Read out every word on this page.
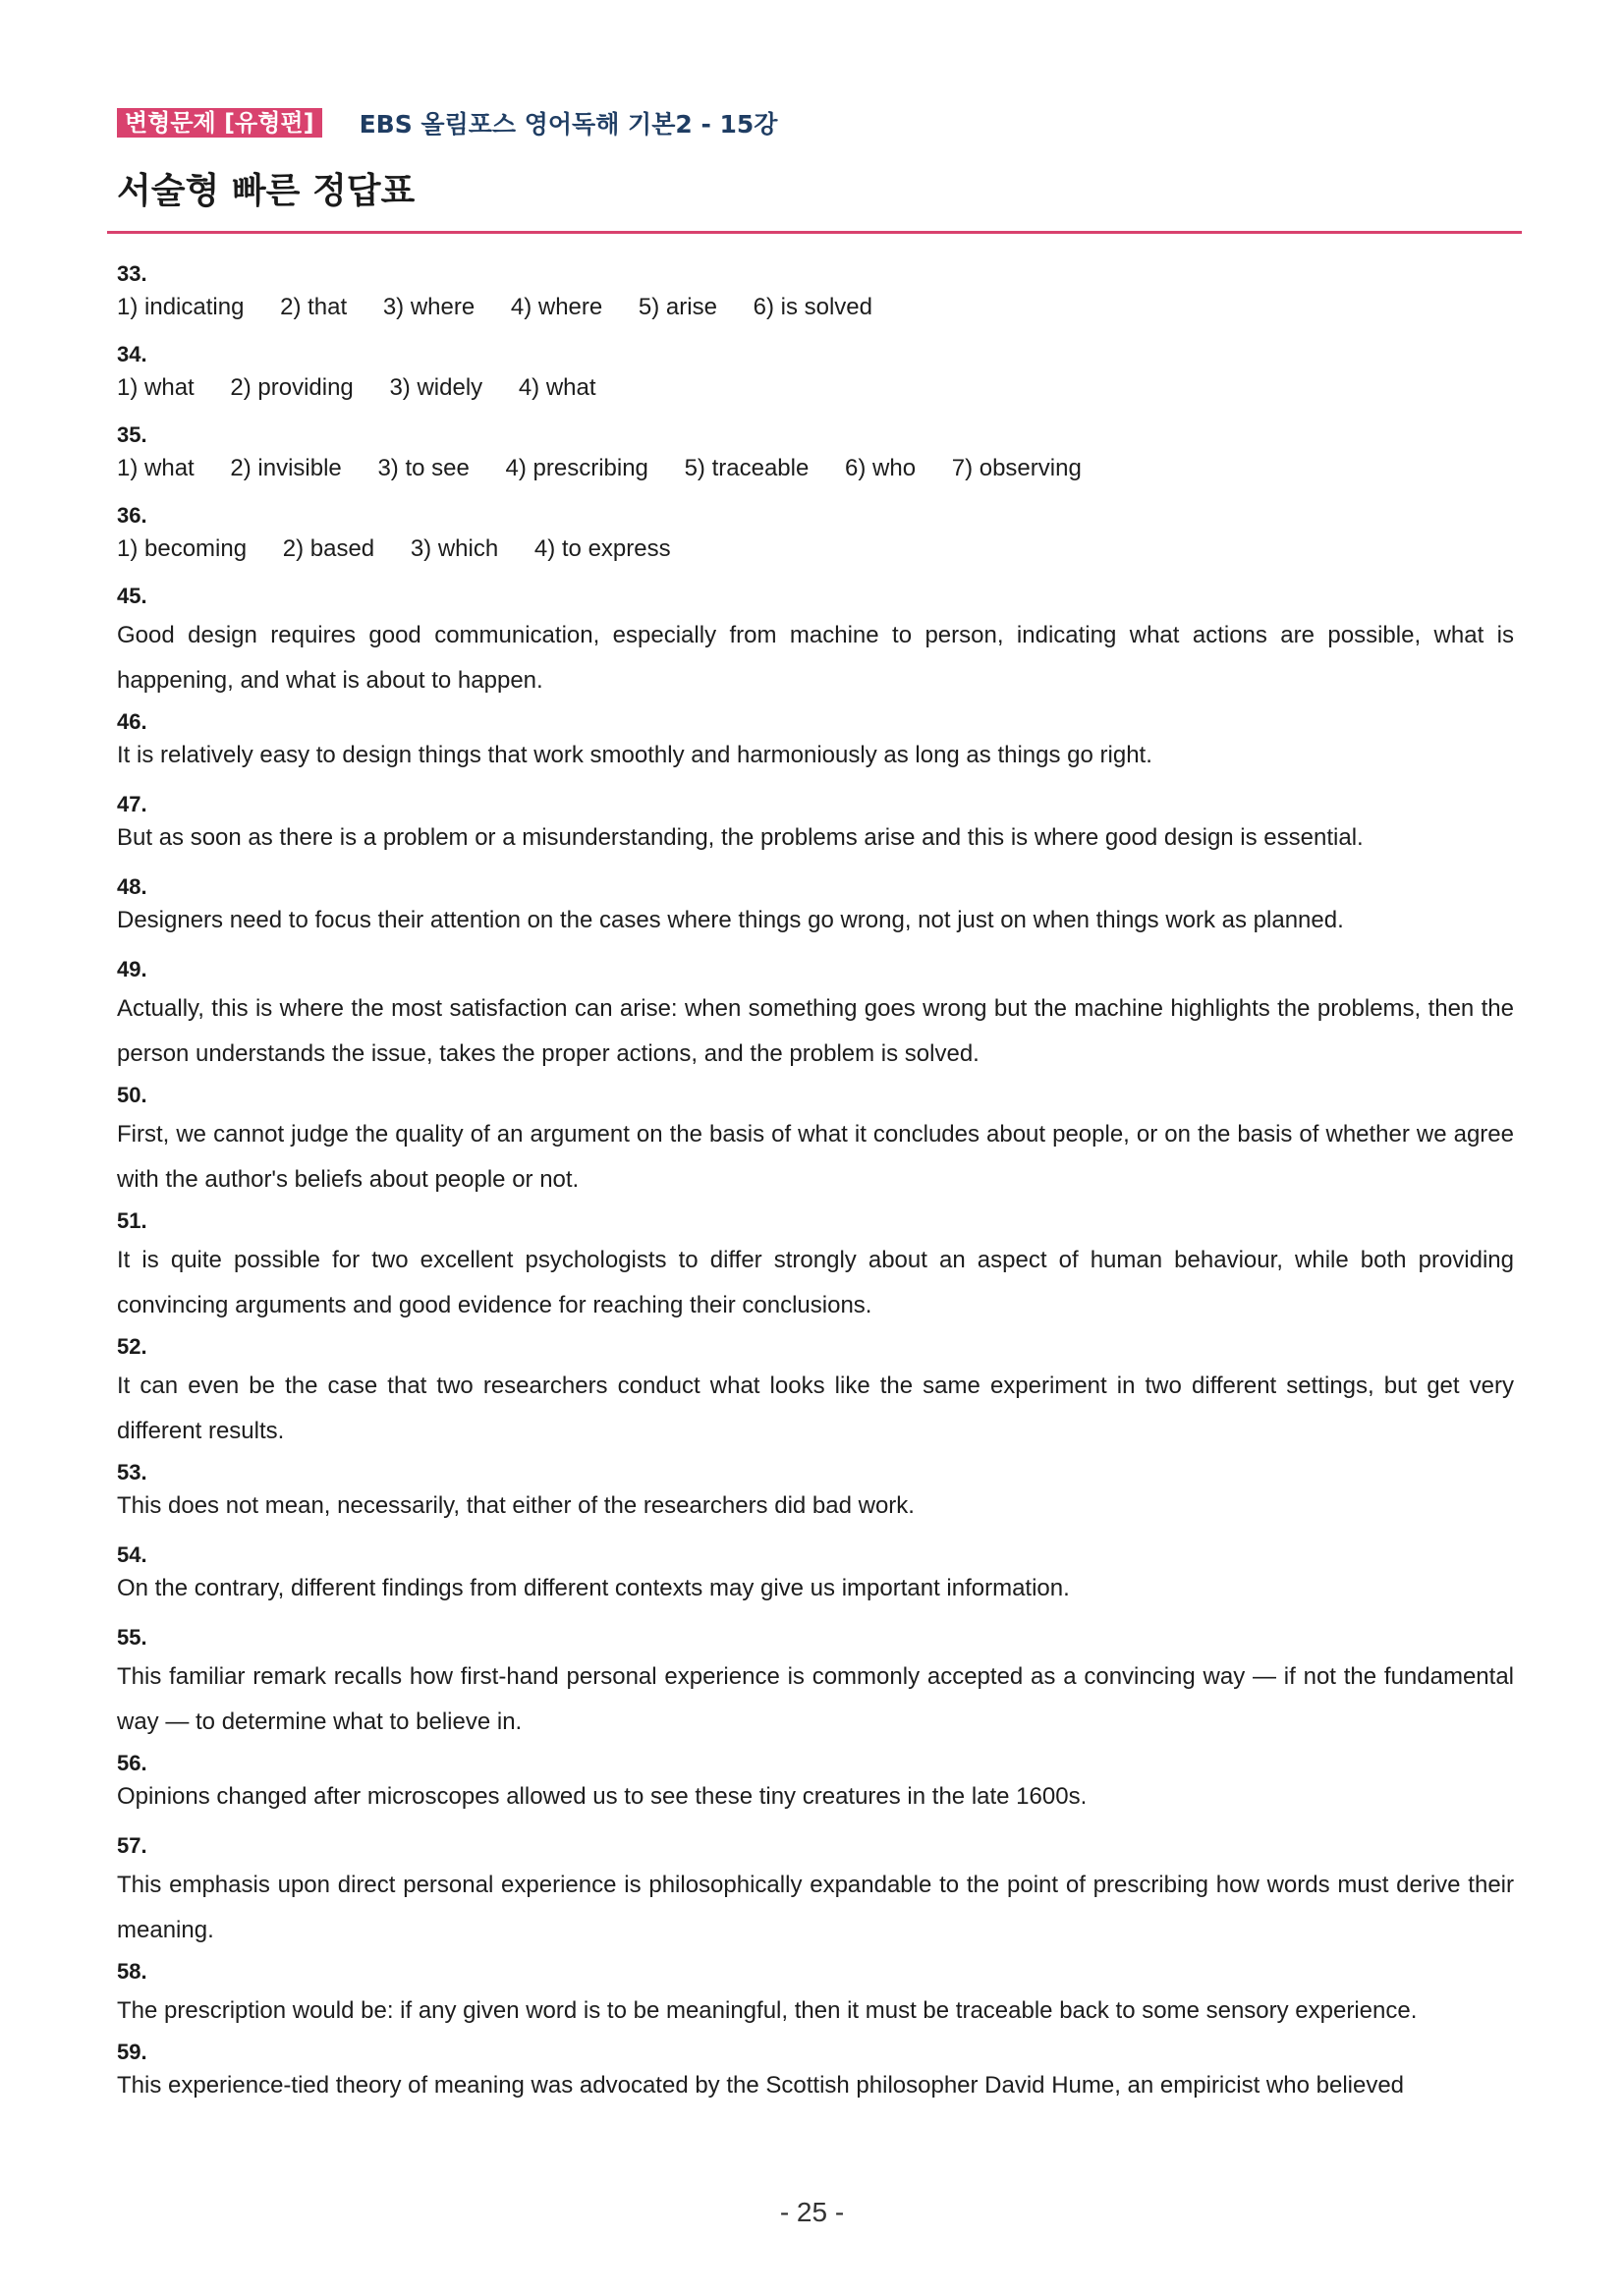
변형문제 [유형편]	EBS 올림포스 영어독해 기본2 - 15강
서술형 빠른 정답표
33.
1) indicating 2) that 3) where 4) where 5) arise 6) is solved
34.
1) what 2) providing 3) widely 4) what
35.
1) what 2) invisible 3) to see 4) prescribing 5) traceable 6) who 7) observing
36.
1) becoming 2) based 3) which 4) to express
45.

Good design requires good communication, especially from machine to person, indicating what actions are possible, what is happening, and what is about to happen.

46.

It is relatively easy to design things that work smoothly and harmoniously as long as things go right.

47.

But as soon as there is a problem or a misunderstanding, the problems arise and this is where good design is essential.

48.

Designers need to focus their attention on the cases where things go wrong, not just on when things work as planned.

49.

Actually, this is where the most satisfaction can arise: when something goes wrong but the machine highlights the problems, then the person understands the issue, takes the proper actions, and the problem is solved.

50.

First, we cannot judge the quality of an argument on the basis of what it concludes about people, or on the basis of whether we agree with the author's beliefs about people or not.

51.

It is quite possible for two excellent psychologists to differ strongly about an aspect of human behaviour, while both providing convincing arguments and good evidence for reaching their conclusions.

52.

It can even be the case that two researchers conduct what looks like the same experiment in two different settings, but get very different results.

53.

This does not mean, necessarily, that either of the researchers did bad work.

54.

On the contrary, different findings from different contexts may give us important information.

55.

This familiar remark recalls how first-hand personal experience is commonly accepted as a convincing way — if not the fundamental way — to determine what to believe in.

56.

Opinions changed after microscopes allowed us to see these tiny creatures in the late 1600s.

57.

This emphasis upon direct personal experience is philosophically expandable to the point of prescribing how words must derive their meaning.

58.

The prescription would be: if any given word is to be meaningful, then it must be traceable back to some sensory experience.

59.

This experience-tied theory of meaning was advocated by the Scottish philosopher David Hume, an empiricist who believed

- 25 -
